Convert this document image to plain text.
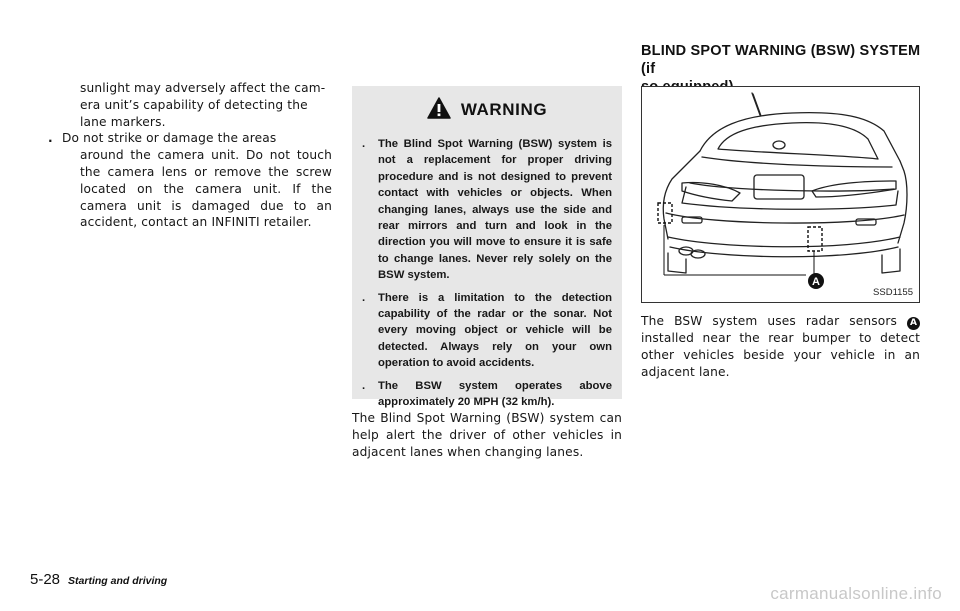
sunlight may adversely affect the cam-
era unit’s capability of detecting the
lane markers.
. Do not strike or damage the areas
around the camera unit. Do not touch the camera lens or remove the screw located on the camera unit. If the camera unit is damaged due to an accident, contact an INFINITI retailer.
WARNING
.	The Blind Spot Warning (BSW) system is not a replacement for proper driving procedure and is not designed to prevent contact with vehicles or objects. When changing lanes, always use the side and rear mirrors and turn and look in the direction you will move to ensure it is safe to change lanes. Never rely solely on the BSW system.
.	There is a limitation to the detection capability of the radar or the sonar. Not every moving object or vehicle will be detected. Always rely on your own operation to avoid accidents.
.	The BSW system operates above approximately 20 MPH (32 km/h).
The Blind Spot Warning (BSW) system can help alert the driver of other vehicles in adjacent lanes when changing lanes.
BLIND SPOT WARNING (BSW) SYSTEM (if
A
SSD1155
The BSW system uses radar sensors A installed near the rear bumper to detect other vehicles beside your vehicle in an adjacent lane.
5-28 Starting and driving
carmanualsonline.info
